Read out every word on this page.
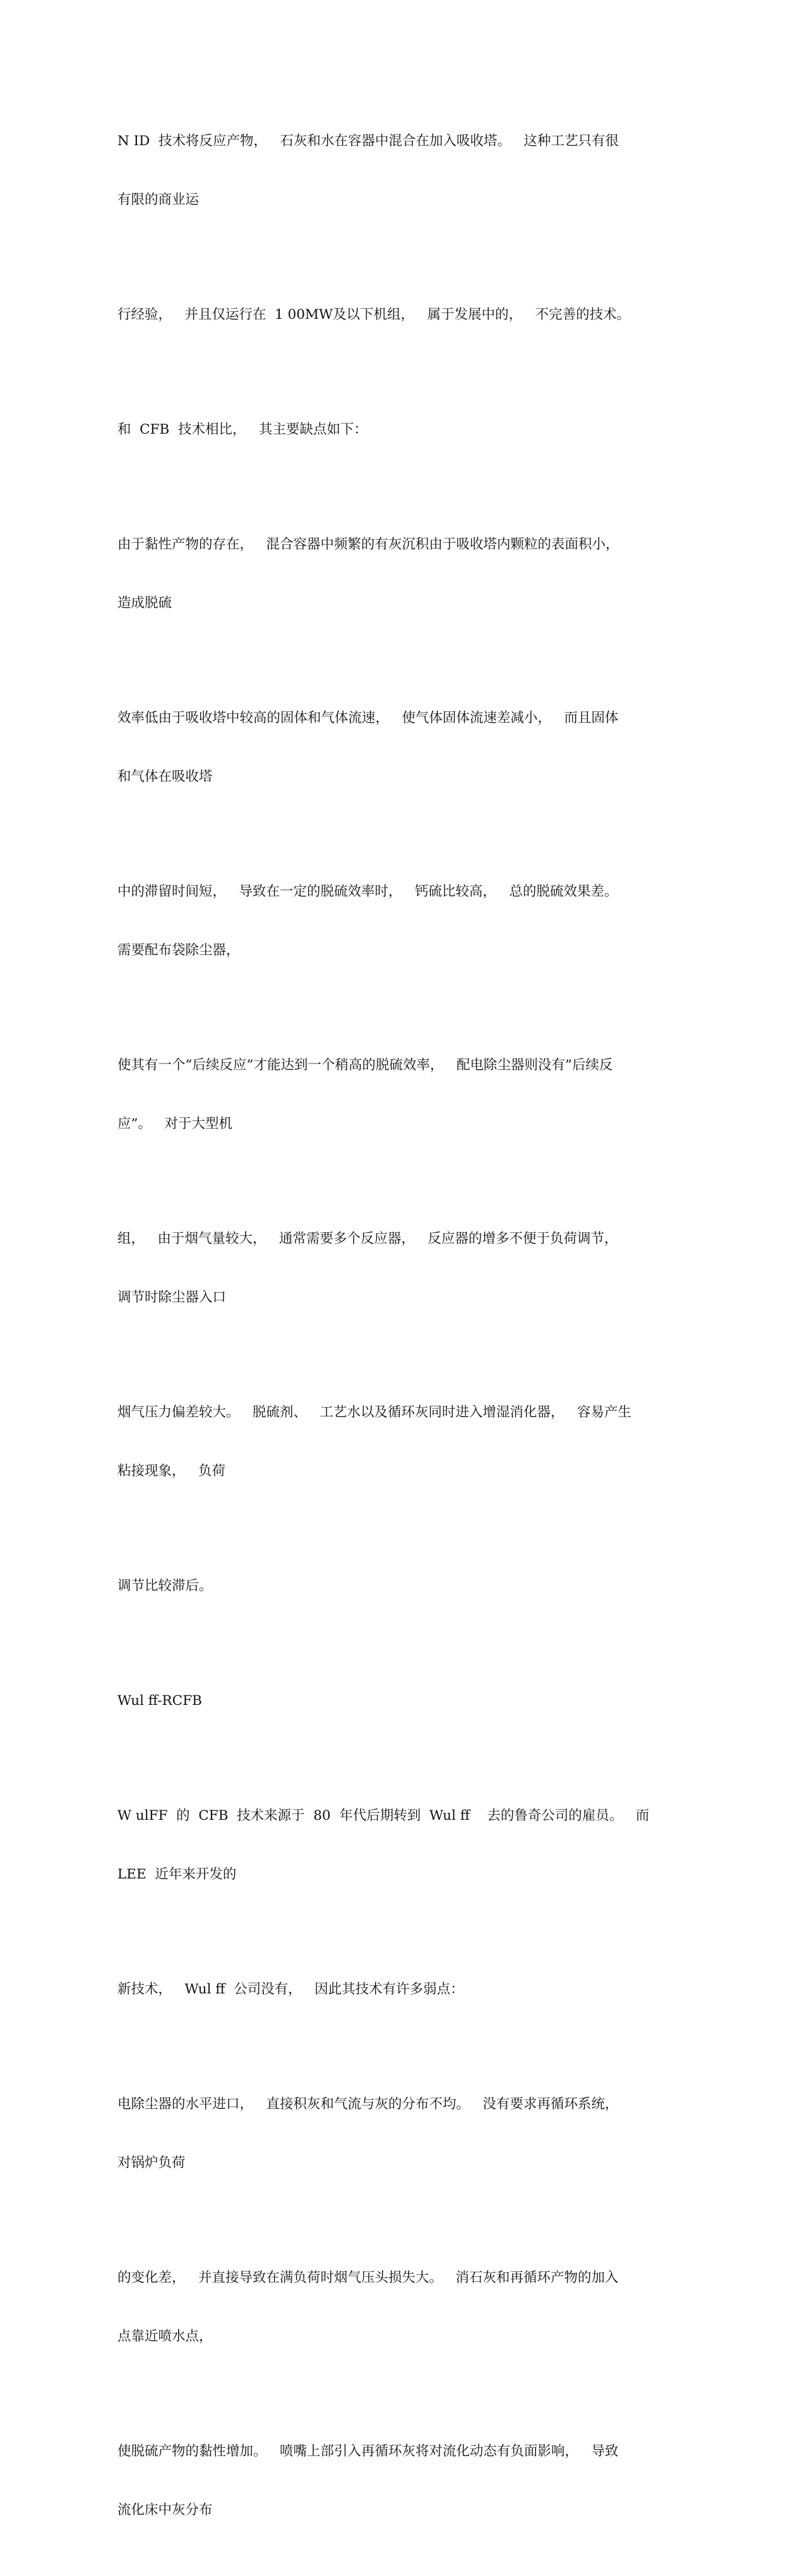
N ID  技术将反应产物，   石灰和水在容器中混合在加入吸收塔。   这种工艺只有很

有限的商业运

行经验，   并且仅运行在  1 00MW及以下机组，   属于发展中的，   不完善的技术。

和  CFB  技术相比，   其主要缺点如下：

由于黏性产物的存在，   混合容器中频繁的有灰沉积由于吸收塔内颗粒的表面积小，

造成脱硫

效率低由于吸收塔中较高的固体和气体流速，   使气体固体流速差减小，   而且固体

和气体在吸收塔

中的滞留时间短，   导致在一定的脱硫效率时，   钙硫比较高，   总的脱硫效果差。

需要配布袋除尘器，

使其有一个”后续反应”才能达到一个稍高的脱硫效率，   配电除尘器则没有”后续反

应”。   对于大型机

组，   由于烟气量较大，   通常需要多个反应器，   反应器的增多不便于负荷调节，

调节时除尘器入口

烟气压力偏差较大。   脱硫剂、   工艺水以及循环灰同时进入增湿消化器，   容易产生

粘接现象，   负荷

调节比较滞后。

Wul ff-RCFB

W ulFF  的  CFB  技术来源于  80  年代后期转到  Wul ff    去的鲁奇公司的雇员。   而

LEE  近年来开发的

新技术，   Wul ff  公司没有，   因此其技术有许多弱点：

电除尘器的水平进口，   直接积灰和气流与灰的分布不均。   没有要求再循环系统，

对锅炉负荷

的变化差，   并直接导致在满负荷时烟气压头损失大。   消石灰和再循环产物的加入

点靠近喷水点，

使脱硫产物的黏性增加。   喷嘴上部引入再循环灰将对流化动态有负面影响，   导致

流化床中灰分布
